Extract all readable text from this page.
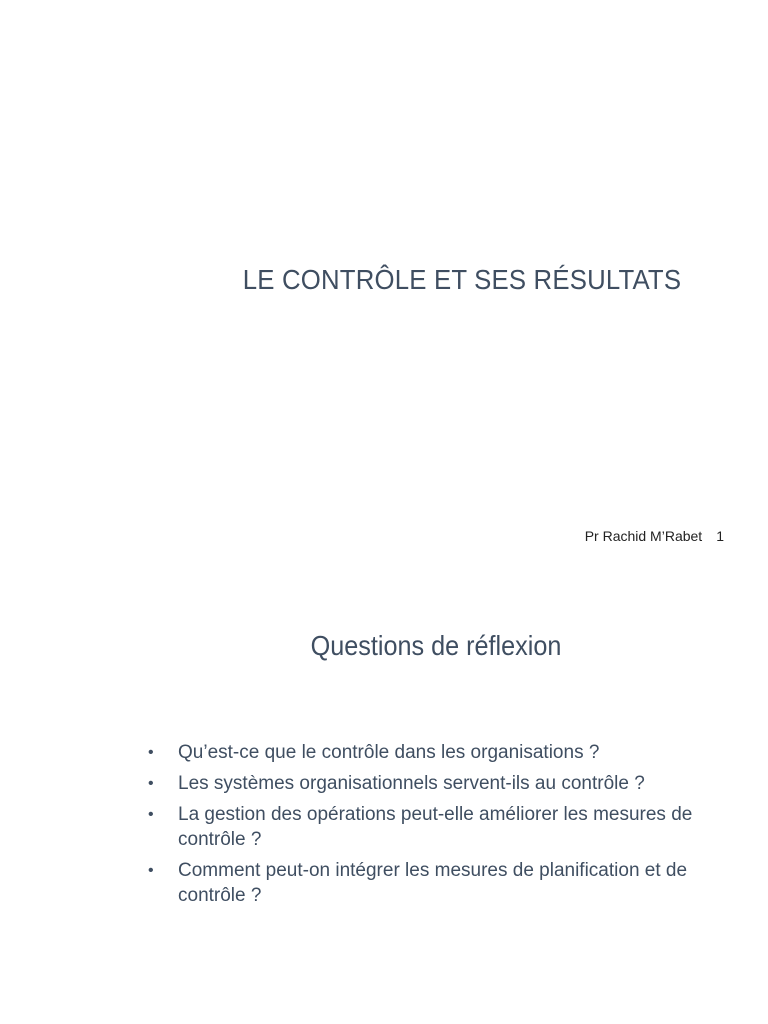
LE CONTRÔLE ET SES RÉSULTATS
Pr Rachid M’Rabet 1
Questions de réflexion
• Qu’est-ce que le contrôle dans les organisations ?
• Les systèmes organisationnels servent-ils au contrôle ?
• La gestion des opérations peut-elle améliorer les mesures de contrôle ?
• Comment peut-on intégrer les mesures de planification et de contrôle ?
